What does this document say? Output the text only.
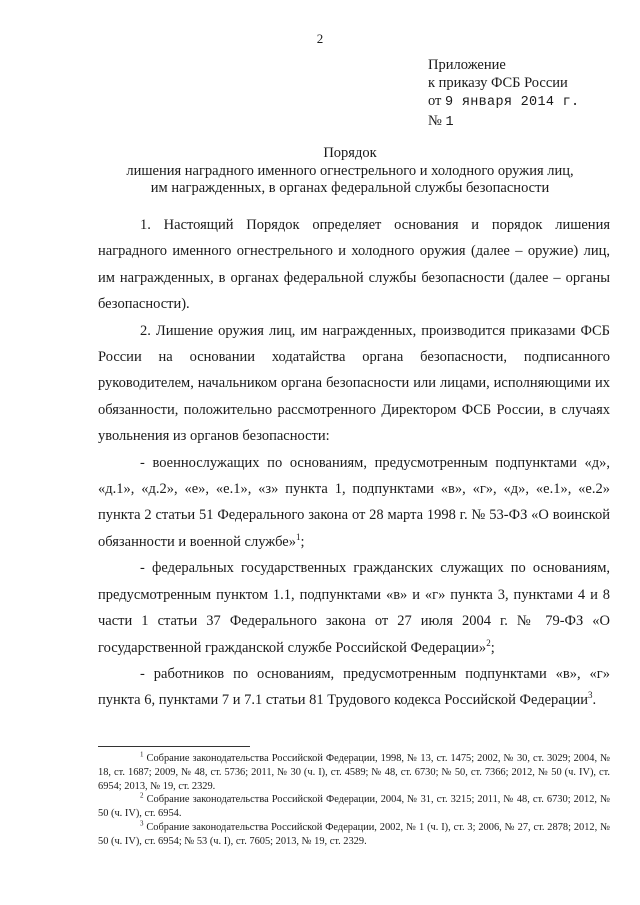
2
Приложение
к приказу ФСБ России
от 9 января 2014 г.
№ 1
Порядок
лишения наградного именного огнестрельного и холодного оружия лиц,
им награжденных, в органах федеральной службы безопасности

1. Настоящий Порядок определяет основания и порядок лишения наградного именного огнестрельного и холодного оружия (далее – оружие) лиц, им награжденных, в органах федеральной службы безопасности (далее – органы безопасности).

2. Лишение оружия лиц, им награжденных, производится приказами ФСБ России на основании ходатайства органа безопасности, подписанного руководителем, начальником органа безопасности или лицами, исполняющими их обязанности, положительно рассмотренного Директором ФСБ России, в случаях увольнения из органов безопасности:

- военнослужащих по основаниям, предусмотренным подпунктами «д», «д.1», «д.2», «е», «е.1», «з» пункта 1, подпунктами «в», «г», «д», «е.1», «е.2» пункта 2 статьи 51 Федерального закона от 28 марта 1998 г. № 53-ФЗ «О воинской обязанности и военной службе»$^1$;

- федеральных государственных гражданских служащих по основаниям, предусмотренным пунктом 1.1, подпунктами «в» и «г» пункта 3, пунктами 4 и 8 части 1 статьи 37 Федерального закона от 27 июля 2004 г. № 79-ФЗ «О государственной гражданской службе Российской Федерации»$^2$;

- работников по основаниям, предусмотренным подпунктами «в», «г» пункта 6, пунктами 7 и 7.1 статьи 81 Трудового кодекса Российской Федерации$^3$.

$^1$ Собрание законодательства Российской Федерации, 1998, № 13, ст. 1475; 2002, № 30, ст. 3029; 2004, № 18, ст. 1687; 2009, № 48, ст. 5736; 2011, № 30 (ч. I), ст. 4589; № 48, ст. 6730; № 50, ст. 7366; 2012, № 50 (ч. IV), ст. 6954; 2013, № 19, ст. 2329.

$^2$ Собрание законодательства Российской Федерации, 2004, № 31, ст. 3215; 2011, № 48, ст. 6730; 2012, № 50 (ч. IV), ст. 6954.

$^3$ Собрание законодательства Российской Федерации, 2002, № 1 (ч. I), ст. 3; 2006, № 27, ст. 2878; 2012, № 50 (ч. IV), ст. 6954; № 53 (ч. I), ст. 7605; 2013, № 19, ст. 2329.
